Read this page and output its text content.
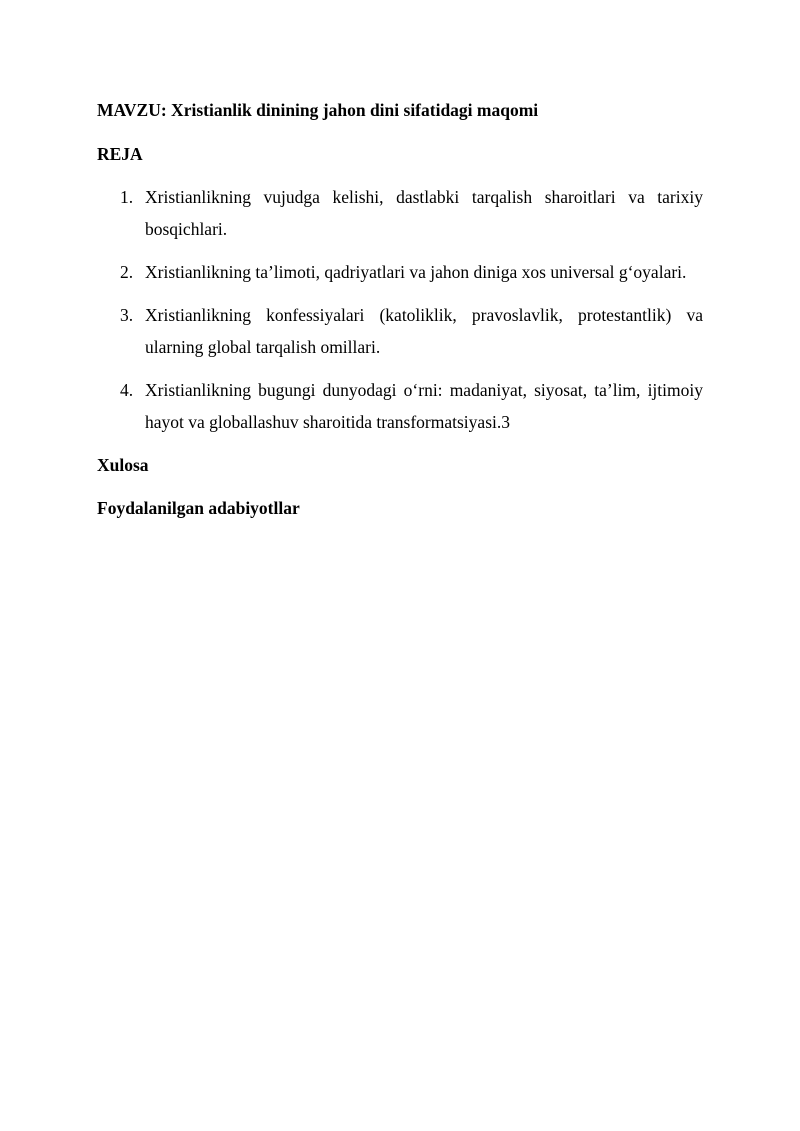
MAVZU: Xristianlik dinining jahon dini sifatidagi maqomi

REJA

1. Xristianlikning vujudga kelishi, dastlabki tarqalish sharoitlari va tarixiy bosqichlari.
2. Xristianlikning ta’limoti, qadriyatlari va jahon diniga xos universal g‘oyalari.
3. Xristianlikning konfessiyalari (katoliklik, pravoslavlik, protestantlik) va ularning global tarqalish omillari.
4. Xristianlikning bugungi dunyodagi o‘rni: madaniyat, siyosat, ta’lim, ijtimoiy hayot va globallashuv sharoitida transformatsiyasi.3

Xulosa

Foydalanilgan adabiyotllar
